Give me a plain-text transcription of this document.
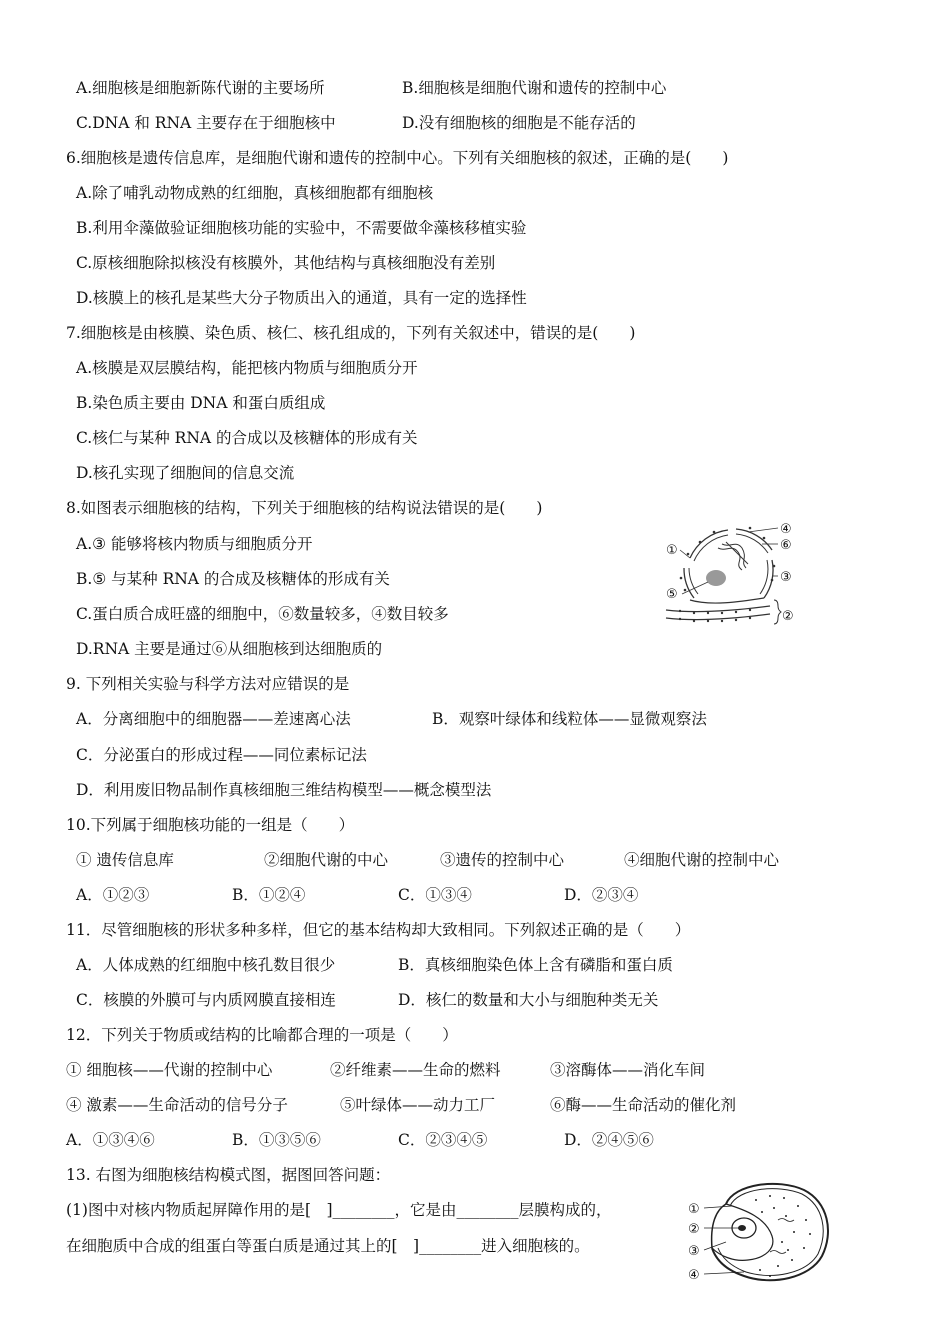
A.细胞核是细胞新陈代谢的主要场所	B.细胞核是细胞代谢和遗传的控制中心
C.DNA 和 RNA 主要存在于细胞核中	D.没有细胞核的细胞是不能存活的
6.细胞核是遗传信息库，是细胞代谢和遗传的控制中心。下列有关细胞核的叙述，正确的是(　　)
A.除了哺乳动物成熟的红细胞，真核细胞都有细胞核
B.利用伞藻做验证细胞核功能的实验中，不需要做伞藻核移植实验
C.原核细胞除拟核没有核膜外，其他结构与真核细胞没有差别
D.核膜上的核孔是某些大分子物质出入的通道，具有一定的选择性
7.细胞核是由核膜、染色质、核仁、核孔组成的，下列有关叙述中，错误的是(　　)
A.核膜是双层膜结构，能把核内物质与细胞质分开
B.染色质主要由 DNA 和蛋白质组成
C.核仁与某种 RNA 的合成以及核糖体的形成有关
D.核孔实现了细胞间的信息交流
8.如图表示细胞核的结构，下列关于细胞核的结构说法错误的是(　　)
A.③ 能够将核内物质与细胞质分开
B.⑤ 与某种 RNA 的合成及核糖体的形成有关
C.蛋白质合成旺盛的细胞中，⑥数量较多，④数目较多
D.RNA 主要是通过⑥从细胞核到达细胞质的
①
②
③
④
⑤
⑥
9. 下列相关实验与科学方法对应错误的是
A．分离细胞中的细胞器——差速离心法	B．观察叶绿体和线粒体——显微观察法
C．分泌蛋白的形成过程——同位素标记法
D．利用废旧物品制作真核细胞三维结构模型——概念模型法
10.下列属于细胞核功能的一组是（　　）
① 遗传信息库	②细胞代谢的中心	③遗传的控制中心	④细胞代谢的控制中心
A．①②③	B．①②④	C．①③④	D．②③④
11．尽管细胞核的形状多种多样，但它的基本结构却大致相同。下列叙述正确的是（　　）
A．人体成熟的红细胞中核孔数目很少	B．真核细胞染色体上含有磷脂和蛋白质
C．核膜的外膜可与内质网膜直接相连	D．核仁的数量和大小与细胞种类无关
12．下列关于物质或结构的比喻都合理的一项是（　　）
① 细胞核——代谢的控制中心	②纤维素——生命的燃料	③溶酶体——消化车间
④ 激素——生命活动的信号分子	⑤叶绿体——动力工厂	⑥酶——生命活动的催化剂
A．①③④⑥	B．①③⑤⑥	C．②③④⑤	D．②④⑤⑥
13. 右图为细胞核结构模式图，据图回答问题：
(1)图中对核内物质起屏障作用的是[　]________，它是由________层膜构成的，
在细胞质中合成的组蛋白等蛋白质是通过其上的[　]________进入细胞核的。
①
②
③
④
